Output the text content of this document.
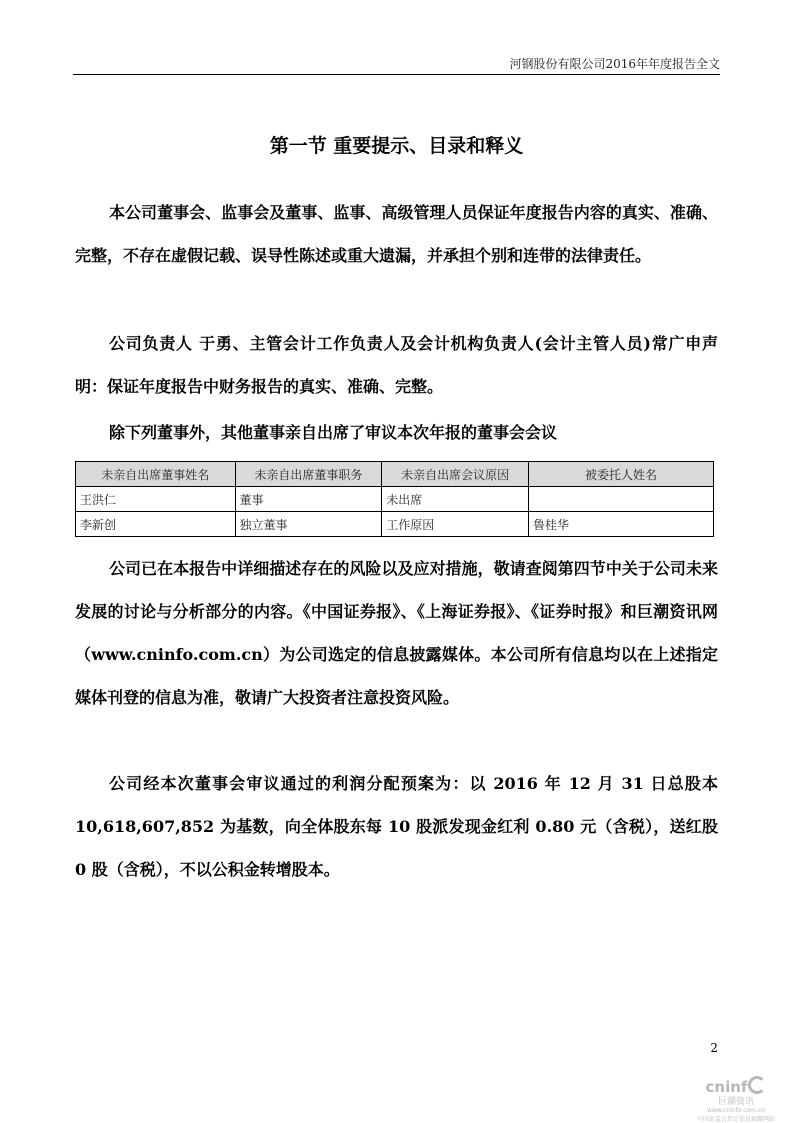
河钢股份有限公司2016年年度报告全文
第一节 重要提示、目录和释义

本公司董事会、监事会及董事、监事、高级管理人员保证年度报告内容的真实、准确、完整，不存在虚假记载、误导性陈述或重大遗漏，并承担个别和连带的法律责任。

公司负责人 于勇、主管会计工作负责人及会计机构负责人(会计主管人员)常广申声明：保证年度报告中财务报告的真实、准确、完整。

除下列董事外，其他董事亲自出席了审议本次年报的董事会会议

未亲自出席董事姓名	未亲自出席董事职务	未亲自出席会议原因	被委托人姓名
王洪仁	董事	未出席	
李新创	独立董事	工作原因	鲁桂华

公司已在本报告中详细描述存在的风险以及应对措施，敬请查阅第四节中关于公司未来发展的讨论与分析部分的内容。《中国证券报》、《上海证券报》、《证券时报》和巨潮资讯网（www.cninfo.com.cn）为公司选定的信息披露媒体。本公司所有信息均以在上述指定媒体刊登的信息为准，敬请广大投资者注意投资风险。

公司经本次董事会审议通过的利润分配预案为：以 2016 年 12 月 31 日总股本 10,618,607,852 为基数，向全体股东每 10 股派发现金红利 0.80 元（含税），送红股 0 股（含税），不以公积金转增股本。

2
cninf
巨潮资讯
www.cninfo.com.cn
中国证监会指定信息披露网站
